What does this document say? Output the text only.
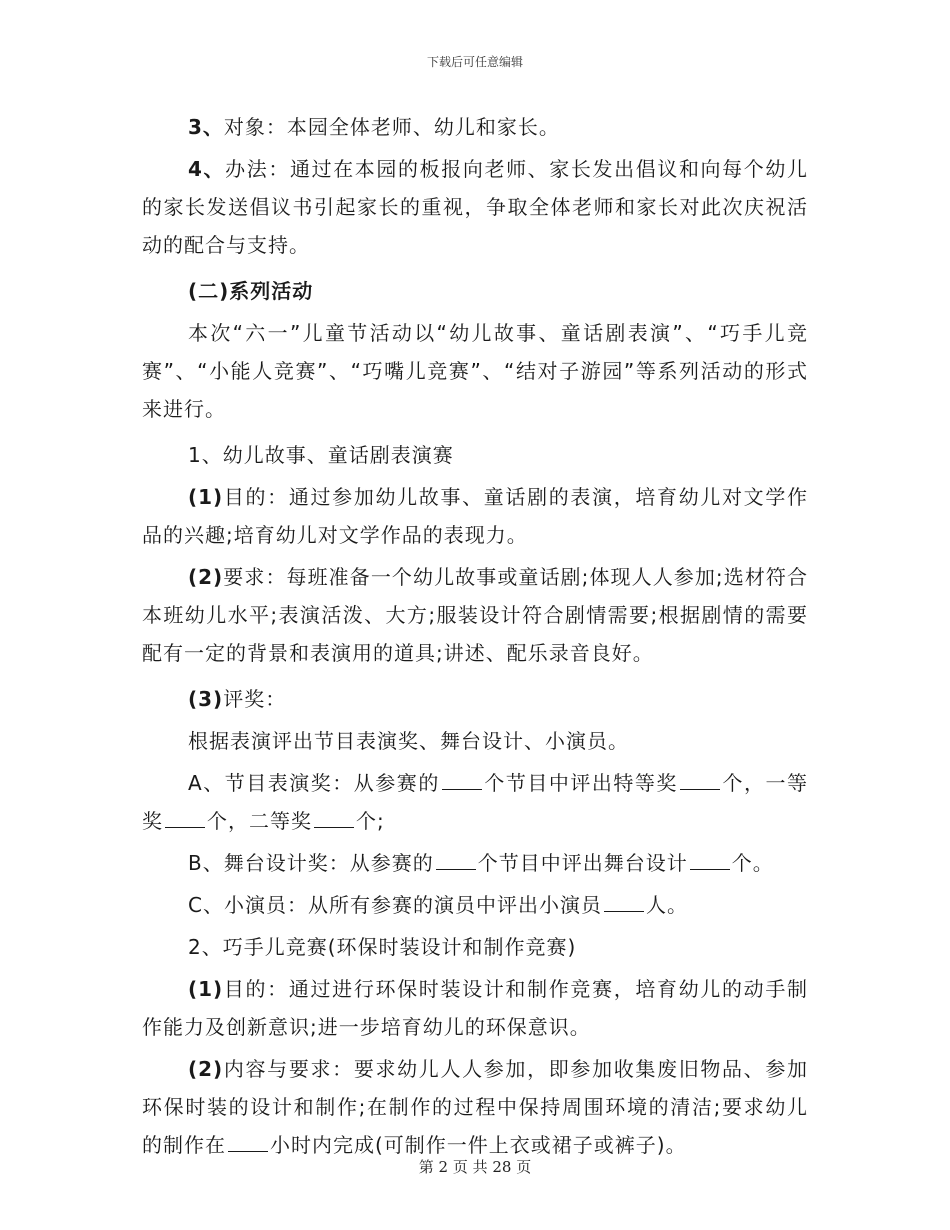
下载后可任意编辑

3、对象：本园全体老师、幼儿和家长。

4、办法：通过在本园的板报向老师、家长发出倡议和向每个幼儿的家长发送倡议书引起家长的重视，争取全体老师和家长对此次庆祝活动的配合与支持。

(二)系列活动

本次“六一”儿童节活动以“幼儿故事、童话剧表演”、“巧手儿竞赛”、“小能人竞赛”、“巧嘴儿竞赛”、“结对子游园”等系列活动的形式来进行。

1、幼儿故事、童话剧表演赛

(1)目的：通过参加幼儿故事、童话剧的表演，培育幼儿对文学作品的兴趣;培育幼儿对文学作品的表现力。

(2)要求：每班准备一个幼儿故事或童话剧;体现人人参加;选材符合本班幼儿水平;表演活泼、大方;服装设计符合剧情需要;根据剧情的需要配有一定的背景和表演用的道具;讲述、配乐录音良好。

(3)评奖：

根据表演评出节目表演奖、舞台设计、小演员。

A、节目表演奖：从参赛的 个节目中评出特等奖 个，一等奖 个，二等奖 个;

B、舞台设计奖：从参赛的 个节目中评出舞台设计 个。

C、小演员：从所有参赛的演员中评出小演员 人。

2、巧手儿竞赛(环保时装设计和制作竞赛)

(1)目的：通过进行环保时装设计和制作竞赛，培育幼儿的动手制作能力及创新意识;进一步培育幼儿的环保意识。

(2)内容与要求：要求幼儿人人参加，即参加收集废旧物品、参加环保时装的设计和制作;在制作的过程中保持周围环境的清洁;要求幼儿的制作在 小时内完成(可制作一件上衣或裙子或裤子)。

第 2 页 共 28 页
